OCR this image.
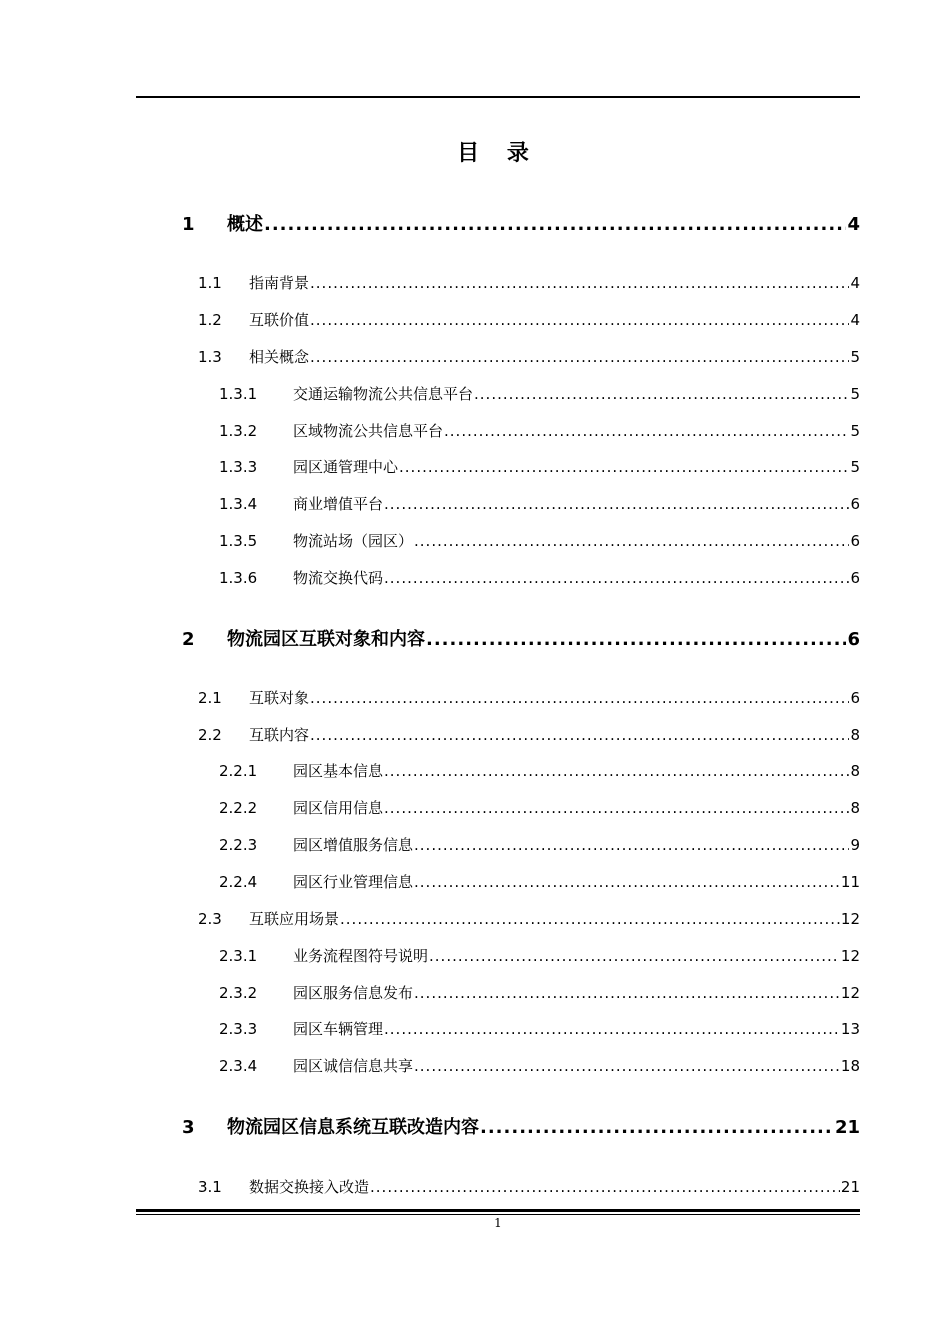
目 录
1	概述 .....	4
1.1	指南背景 .....	4
1.2	互联价值 .....	4
1.3	相关概念 .....	5
1.3.1	交通运输物流公共信息平台 .....	5
1.3.2	区域物流公共信息平台 .....	5
1.3.3	园区通管理中心 .....	5
1.3.4	商业增值平台 .....	6
1.3.5	物流站场（园区） .....	6
1.3.6	物流交换代码 .....	6
2	物流园区互联对象和内容 .....	6
2.1	互联对象 .....	6
2.2	互联内容 .....	8
2.2.1	园区基本信息 .....	8
2.2.2	园区信用信息 .....	8
2.2.3	园区增值服务信息 .....	9
2.2.4	园区行业管理信息 .....	11
2.3	互联应用场景 .....	12
2.3.1	业务流程图符号说明 .....	12
2.3.2	园区服务信息发布 .....	12
2.3.3	园区车辆管理 .....	13
2.3.4	园区诚信信息共享 .....	18
3	物流园区信息系统互联改造内容 .....	21
3.1	数据交换接入改造 .....	21
1
